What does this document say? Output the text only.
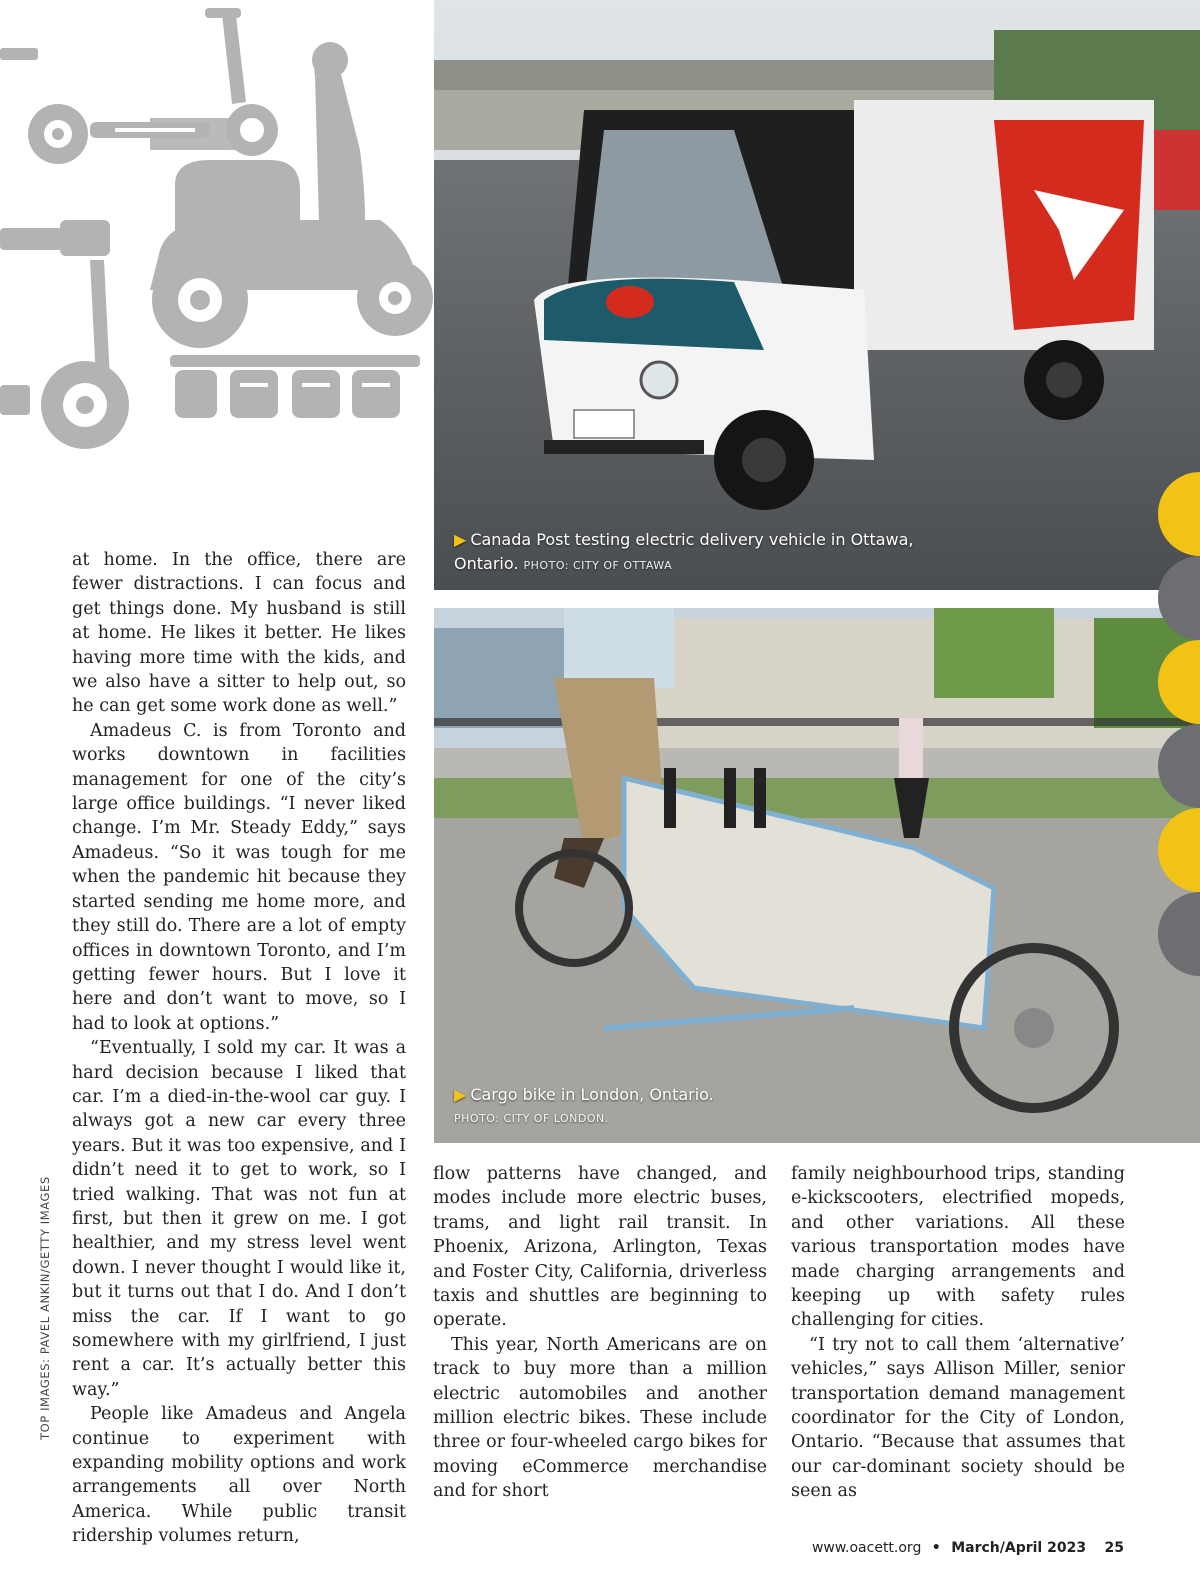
▶ Canada Post testing electric delivery vehicle in Ottawa,
Ontario. PHOTO: CITY OF OTTAWA
▶ Cargo bike in London, Ontario.
PHOTO: CITY OF LONDON.

at home. In the office, there are fewer distractions. I can focus and get things done. My husband is still at home. He likes it better. He likes having more time with the kids, and we also have a sitter to help out, so he can get some work done as well.”

Amadeus C. is from Toronto and works downtown in facilities management for one of the city’s large office buildings. “I never liked change. I’m Mr. Steady Eddy,” says Amadeus. “So it was tough for me when the pandemic hit because they started sending me home more, and they still do. There are a lot of empty offices in downtown Toronto, and I’m getting fewer hours. But I love it here and don’t want to move, so I had to look at options.”

“Eventually, I sold my car. It was a hard decision because I liked that car. I’m a died-in-the-wool car guy. I always got a new car every three years. But it was too expensive, and I didn’t need it to get to work, so I tried walking. That was not fun at first, but then it grew on me. I got healthier, and my stress level went down. I never thought I would like it, but it turns out that I do. And I don’t miss the car. If I want to go somewhere with my girlfriend, I just rent a car. It’s actually better this way.”

People like Amadeus and Angela continue to experiment with expanding mobility options and work arrangements all over North America. While public transit ridership volumes return,

flow patterns have changed, and modes include more electric buses, trams, and light rail transit. In Phoenix, Arizona, Arlington, Texas and Foster City, California, driverless taxis and shuttles are beginning to operate.

This year, North Americans are on track to buy more than a million electric automobiles and another million electric bikes. These include three or four-wheeled cargo bikes for moving eCommerce merchandise and for short

family neighbourhood trips, standing e-kickscooters, electrified mopeds, and other variations. All these various transportation modes have made charging arrangements and keeping up with safety rules challenging for cities.

“I try not to call them ‘alternative’ vehicles,” says Allison Miller, senior transportation demand management coordinator for the City of London, Ontario. “Because that assumes that our car-dominant society should be seen as

TOP IMAGES: PAVEL ANKIN/GETTY IMAGES
www.oacett.org • March/April 2023 25
